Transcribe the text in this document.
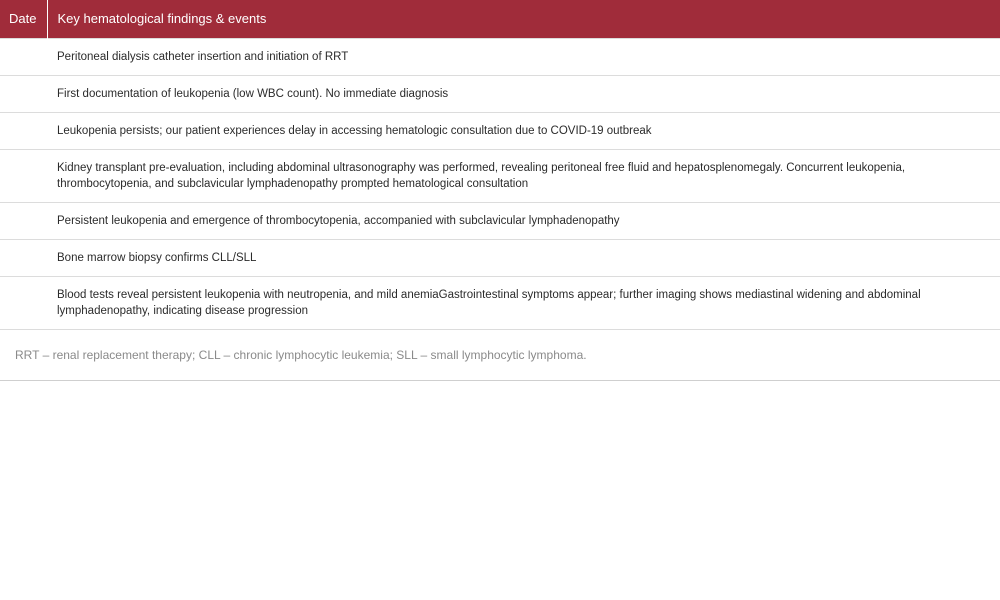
Date	Key hematological findings & events
	Peritoneal dialysis catheter insertion and initiation of RRT
	First documentation of leukopenia (low WBC count). No immediate diagnosis
	Leukopenia persists; our patient experiences delay in accessing hematologic consultation due to COVID-19 outbreak
	Kidney transplant pre-evaluation, including abdominal ultrasonography was performed, revealing peritoneal free fluid and hepatosplenomegaly. Concurrent leukopenia, thrombocytopenia, and subclavicular lymphadenopathy prompted hematological consultation
	Persistent leukopenia and emergence of thrombocytopenia, accompanied with subclavicular lymphadenopathy
	Bone marrow biopsy confirms CLL/SLL
	Blood tests reveal persistent leukopenia with neutropenia, and mild anemiaGastrointestinal symptoms appear; further imaging shows mediastinal widening and abdominal lymphadenopathy, indicating disease progression
RRT – renal replacement therapy; CLL – chronic lymphocytic leukemia; SLL – small lymphocytic lymphoma.
